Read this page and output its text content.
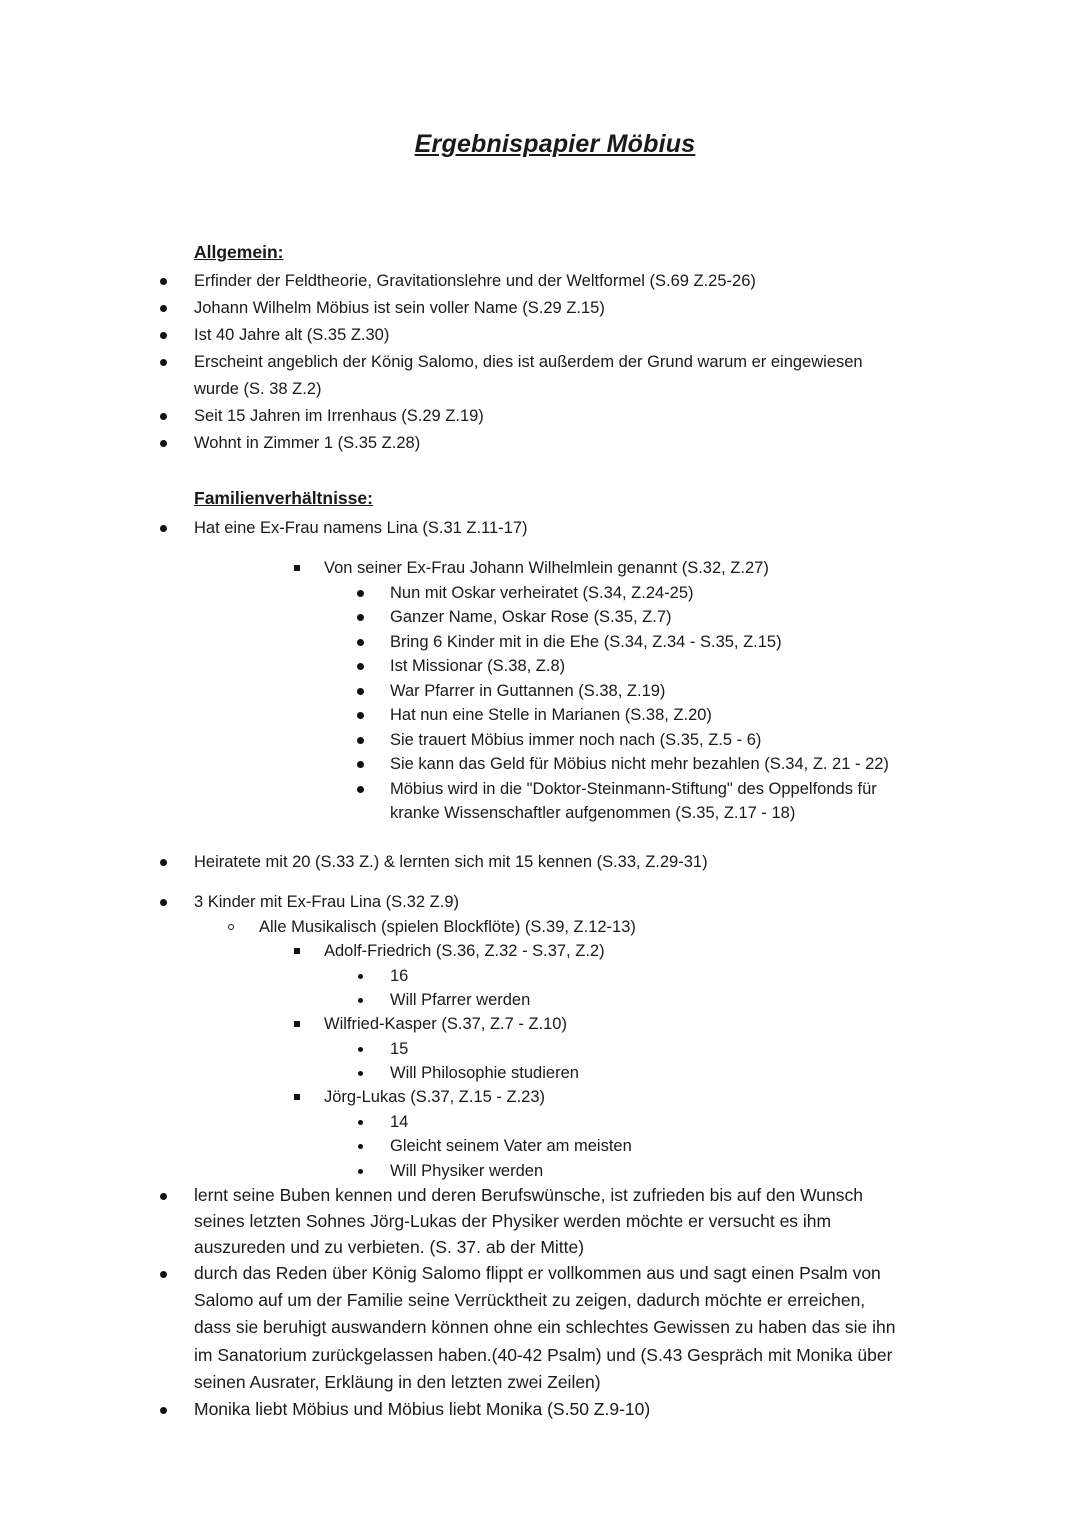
Ergebnispapier Möbius
Allgemein:
Erfinder der Feldtheorie, Gravitationslehre und der Weltformel (S.69 Z.25-26)
Johann Wilhelm Möbius ist sein voller Name (S.29 Z.15)
Ist 40 Jahre alt (S.35 Z.30)
Erscheint angeblich der König Salomo, dies ist außerdem der Grund warum er eingewiesen
wurde (S. 38 Z.2)
Seit 15 Jahren im Irrenhaus (S.29 Z.19)
Wohnt in Zimmer 1 (S.35 Z.28)
Familienverhältnisse:
Hat eine Ex-Frau namens Lina (S.31 Z.11-17)
Von seiner Ex-Frau Johann Wilhelmlein genannt (S.32, Z.27)
Nun mit Oskar verheiratet (S.34, Z.24-25)
Ganzer Name, Oskar Rose (S.35, Z.7)
Bring 6 Kinder mit in die Ehe (S.34, Z.34 - S.35, Z.15)
Ist Missionar (S.38, Z.8)
War Pfarrer in Guttannen (S.38, Z.19)
Hat nun eine Stelle in Marianen (S.38, Z.20)
Sie trauert Möbius immer noch nach (S.35, Z.5 - 6)
Sie kann das Geld für Möbius nicht mehr bezahlen (S.34, Z. 21 - 22)
Möbius wird in die "Doktor-Steinmann-Stiftung" des Oppelfonds für
kranke Wissenschaftler aufgenommen (S.35, Z.17 - 18)
Heiratete mit 20 (S.33 Z.) & lernten sich mit 15 kennen (S.33, Z.29-31)
3 Kinder mit Ex-Frau Lina (S.32 Z.9)
Alle Musikalisch (spielen Blockflöte) (S.39, Z.12-13)
Adolf-Friedrich (S.36, Z.32 - S.37, Z.2)
16
Will Pfarrer werden
Wilfried-Kasper (S.37, Z.7 - Z.10)
15
Will Philosophie studieren
Jörg-Lukas (S.37, Z.15 - Z.23)
14
Gleicht seinem Vater am meisten
Will Physiker werden
lernt seine Buben kennen und deren Berufswünsche, ist zufrieden bis auf den Wunsch
seines letzten Sohnes Jörg-Lukas der Physiker werden möchte er versucht es ihm
auszureden und zu verbieten. (S. 37. ab der Mitte)
durch das Reden über König Salomo flippt er vollkommen aus und sagt einen Psalm von
Salomo auf um der Familie seine Verrücktheit zu zeigen, dadurch möchte er erreichen,
dass sie beruhigt auswandern können ohne ein schlechtes Gewissen zu haben das sie ihn
im Sanatorium zurückgelassen haben.(40-42 Psalm) und (S.43 Gespräch mit Monika über
seinen Ausrater, Erkläung in den letzten zwei Zeilen)
Monika liebt Möbius und Möbius liebt Monika (S.50 Z.9-10)
